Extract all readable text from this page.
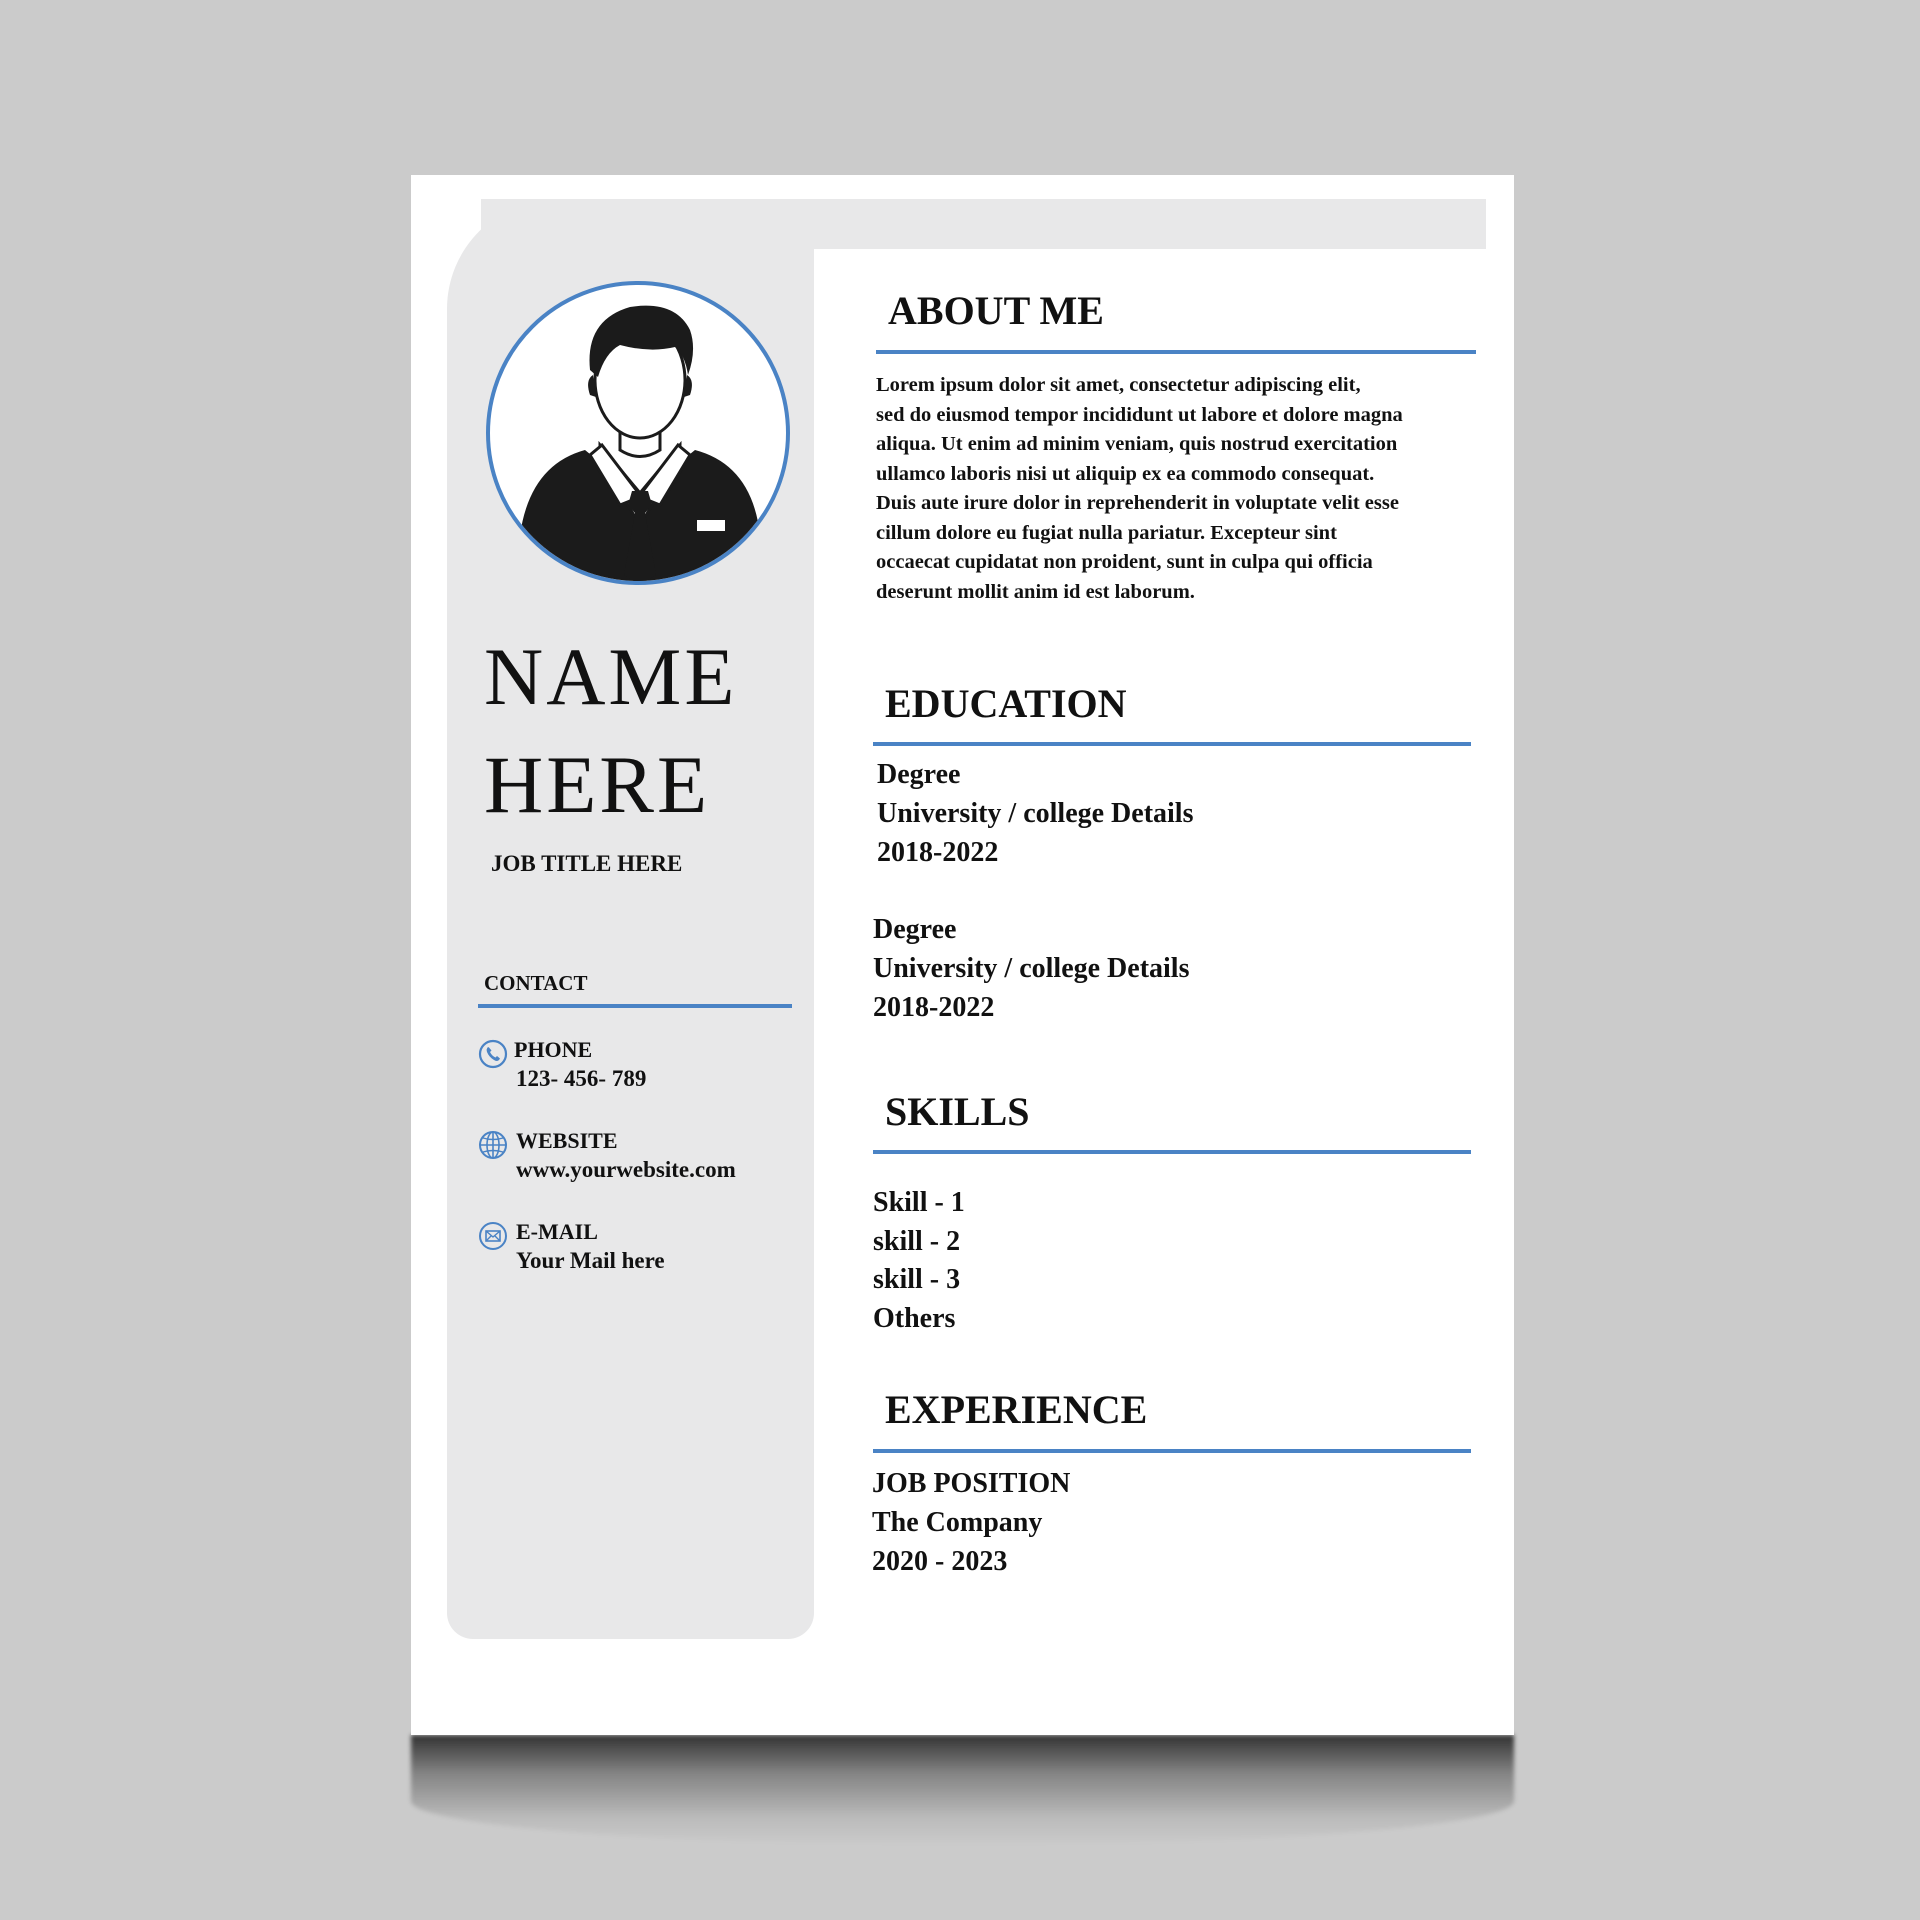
NAME
HERE
JOB TITLE HERE
CONTACT
PHONE
123- 456- 789
WEBSITE
www.yourwebsite.com
E-MAIL
Your Mail here
ABOUT ME
Lorem ipsum dolor sit amet, consectetur adipiscing elit,
sed do eiusmod tempor incididunt ut labore et dolore magna
aliqua. Ut enim ad minim veniam, quis nostrud exercitation
ullamco laboris nisi ut aliquip ex ea commodo consequat.
Duis aute irure dolor in reprehenderit in voluptate velit esse
cillum dolore eu fugiat nulla pariatur. Excepteur sint
occaecat cupidatat non proident, sunt in culpa qui officia
deserunt mollit anim id est laborum.
EDUCATION
Degree
University / college Details
2018-2022
Degree
University / college Details
2018-2022
SKILLS
Skill - 1
skill - 2
skill - 3
Others
EXPERIENCE
JOB POSITION
The Company
2020 - 2023
